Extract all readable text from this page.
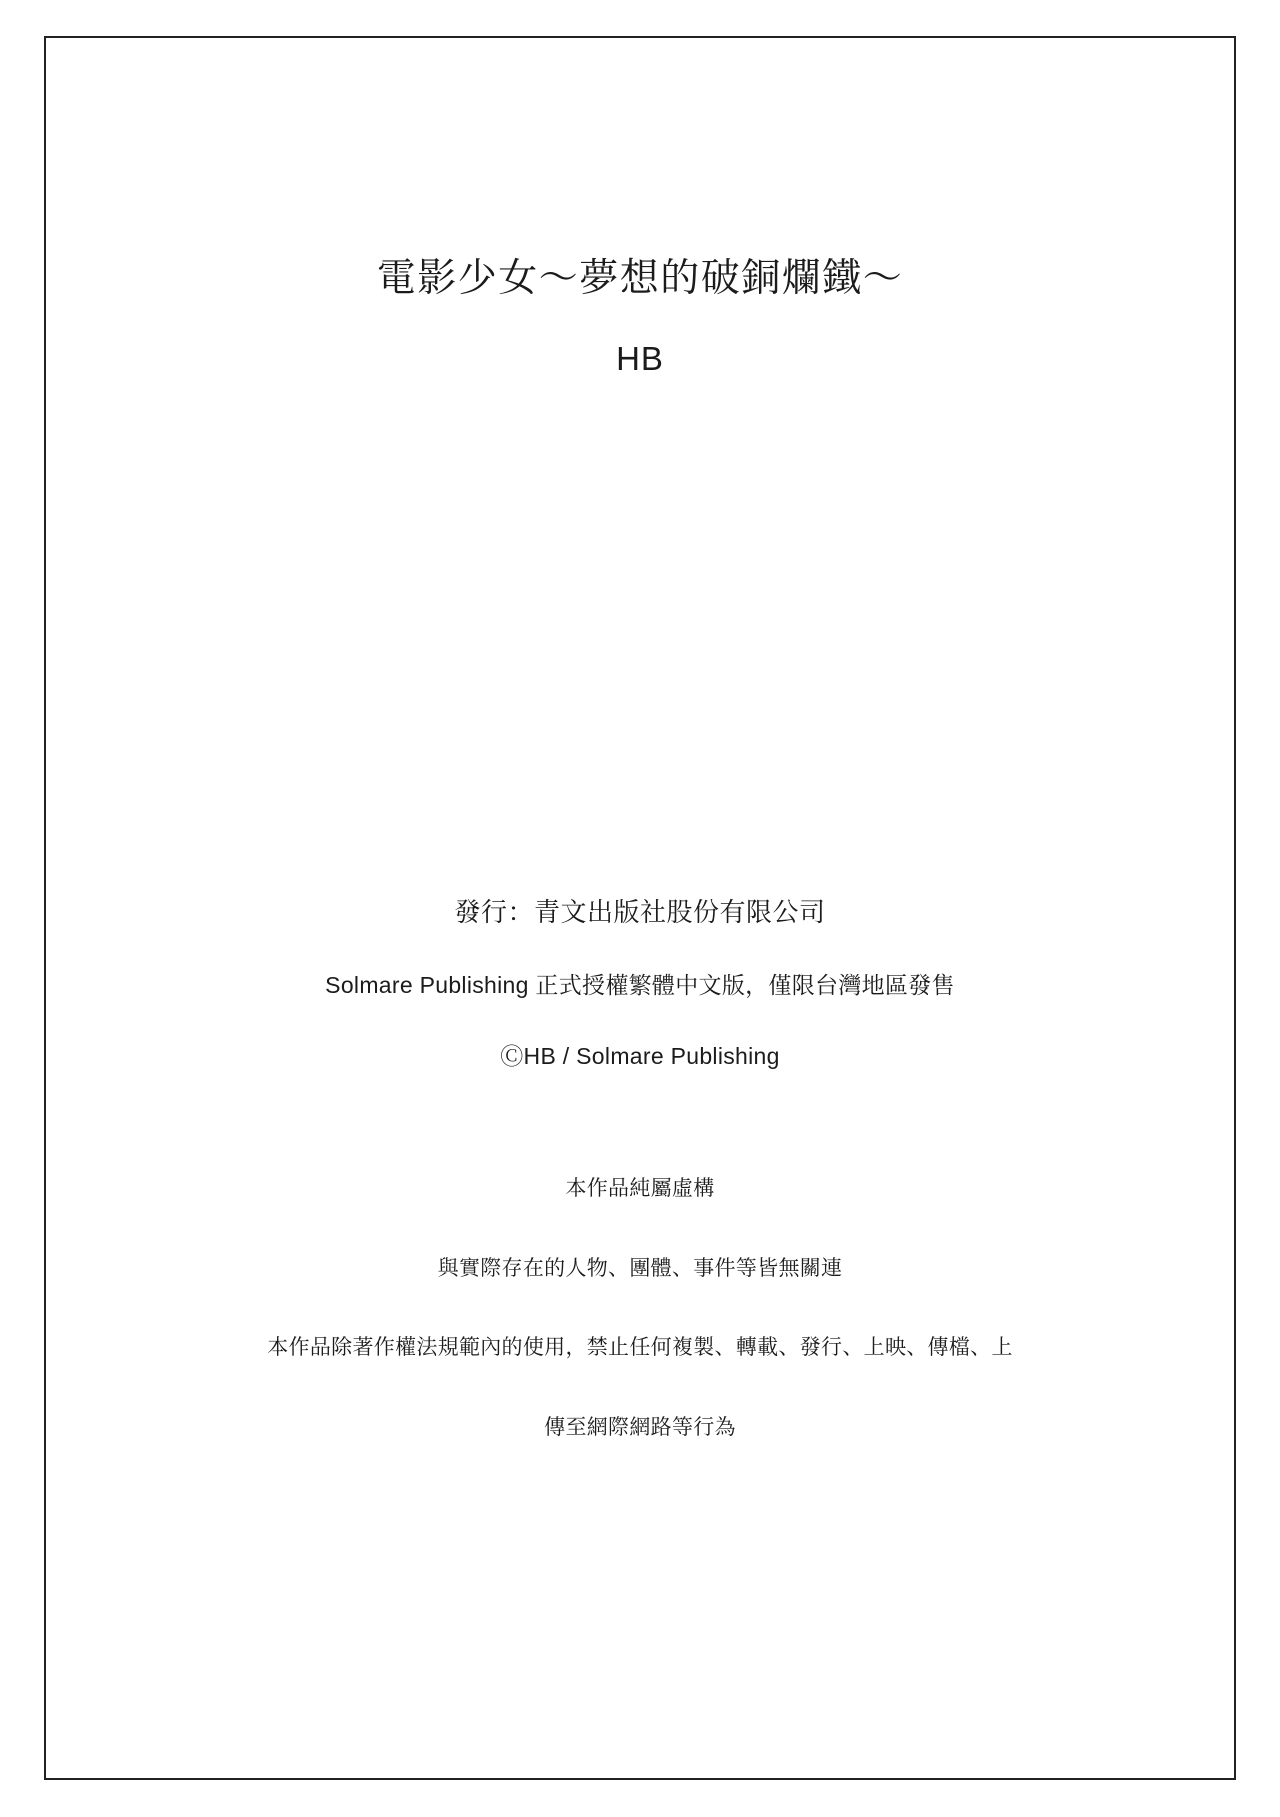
電影少女～夢想的破銅爛鐵～
HB
發行：青文出版社股份有限公司
Solmare Publishing 正式授權繁體中文版，僅限台灣地區發售
ⒸHB / Solmare Publishing
本作品純屬虛構
與實際存在的人物、團體、事件等皆無關連
本作品除著作權法規範內的使用，禁止任何複製、轉載、發行、上映、傳檔、上
傳至網際網路等行為
